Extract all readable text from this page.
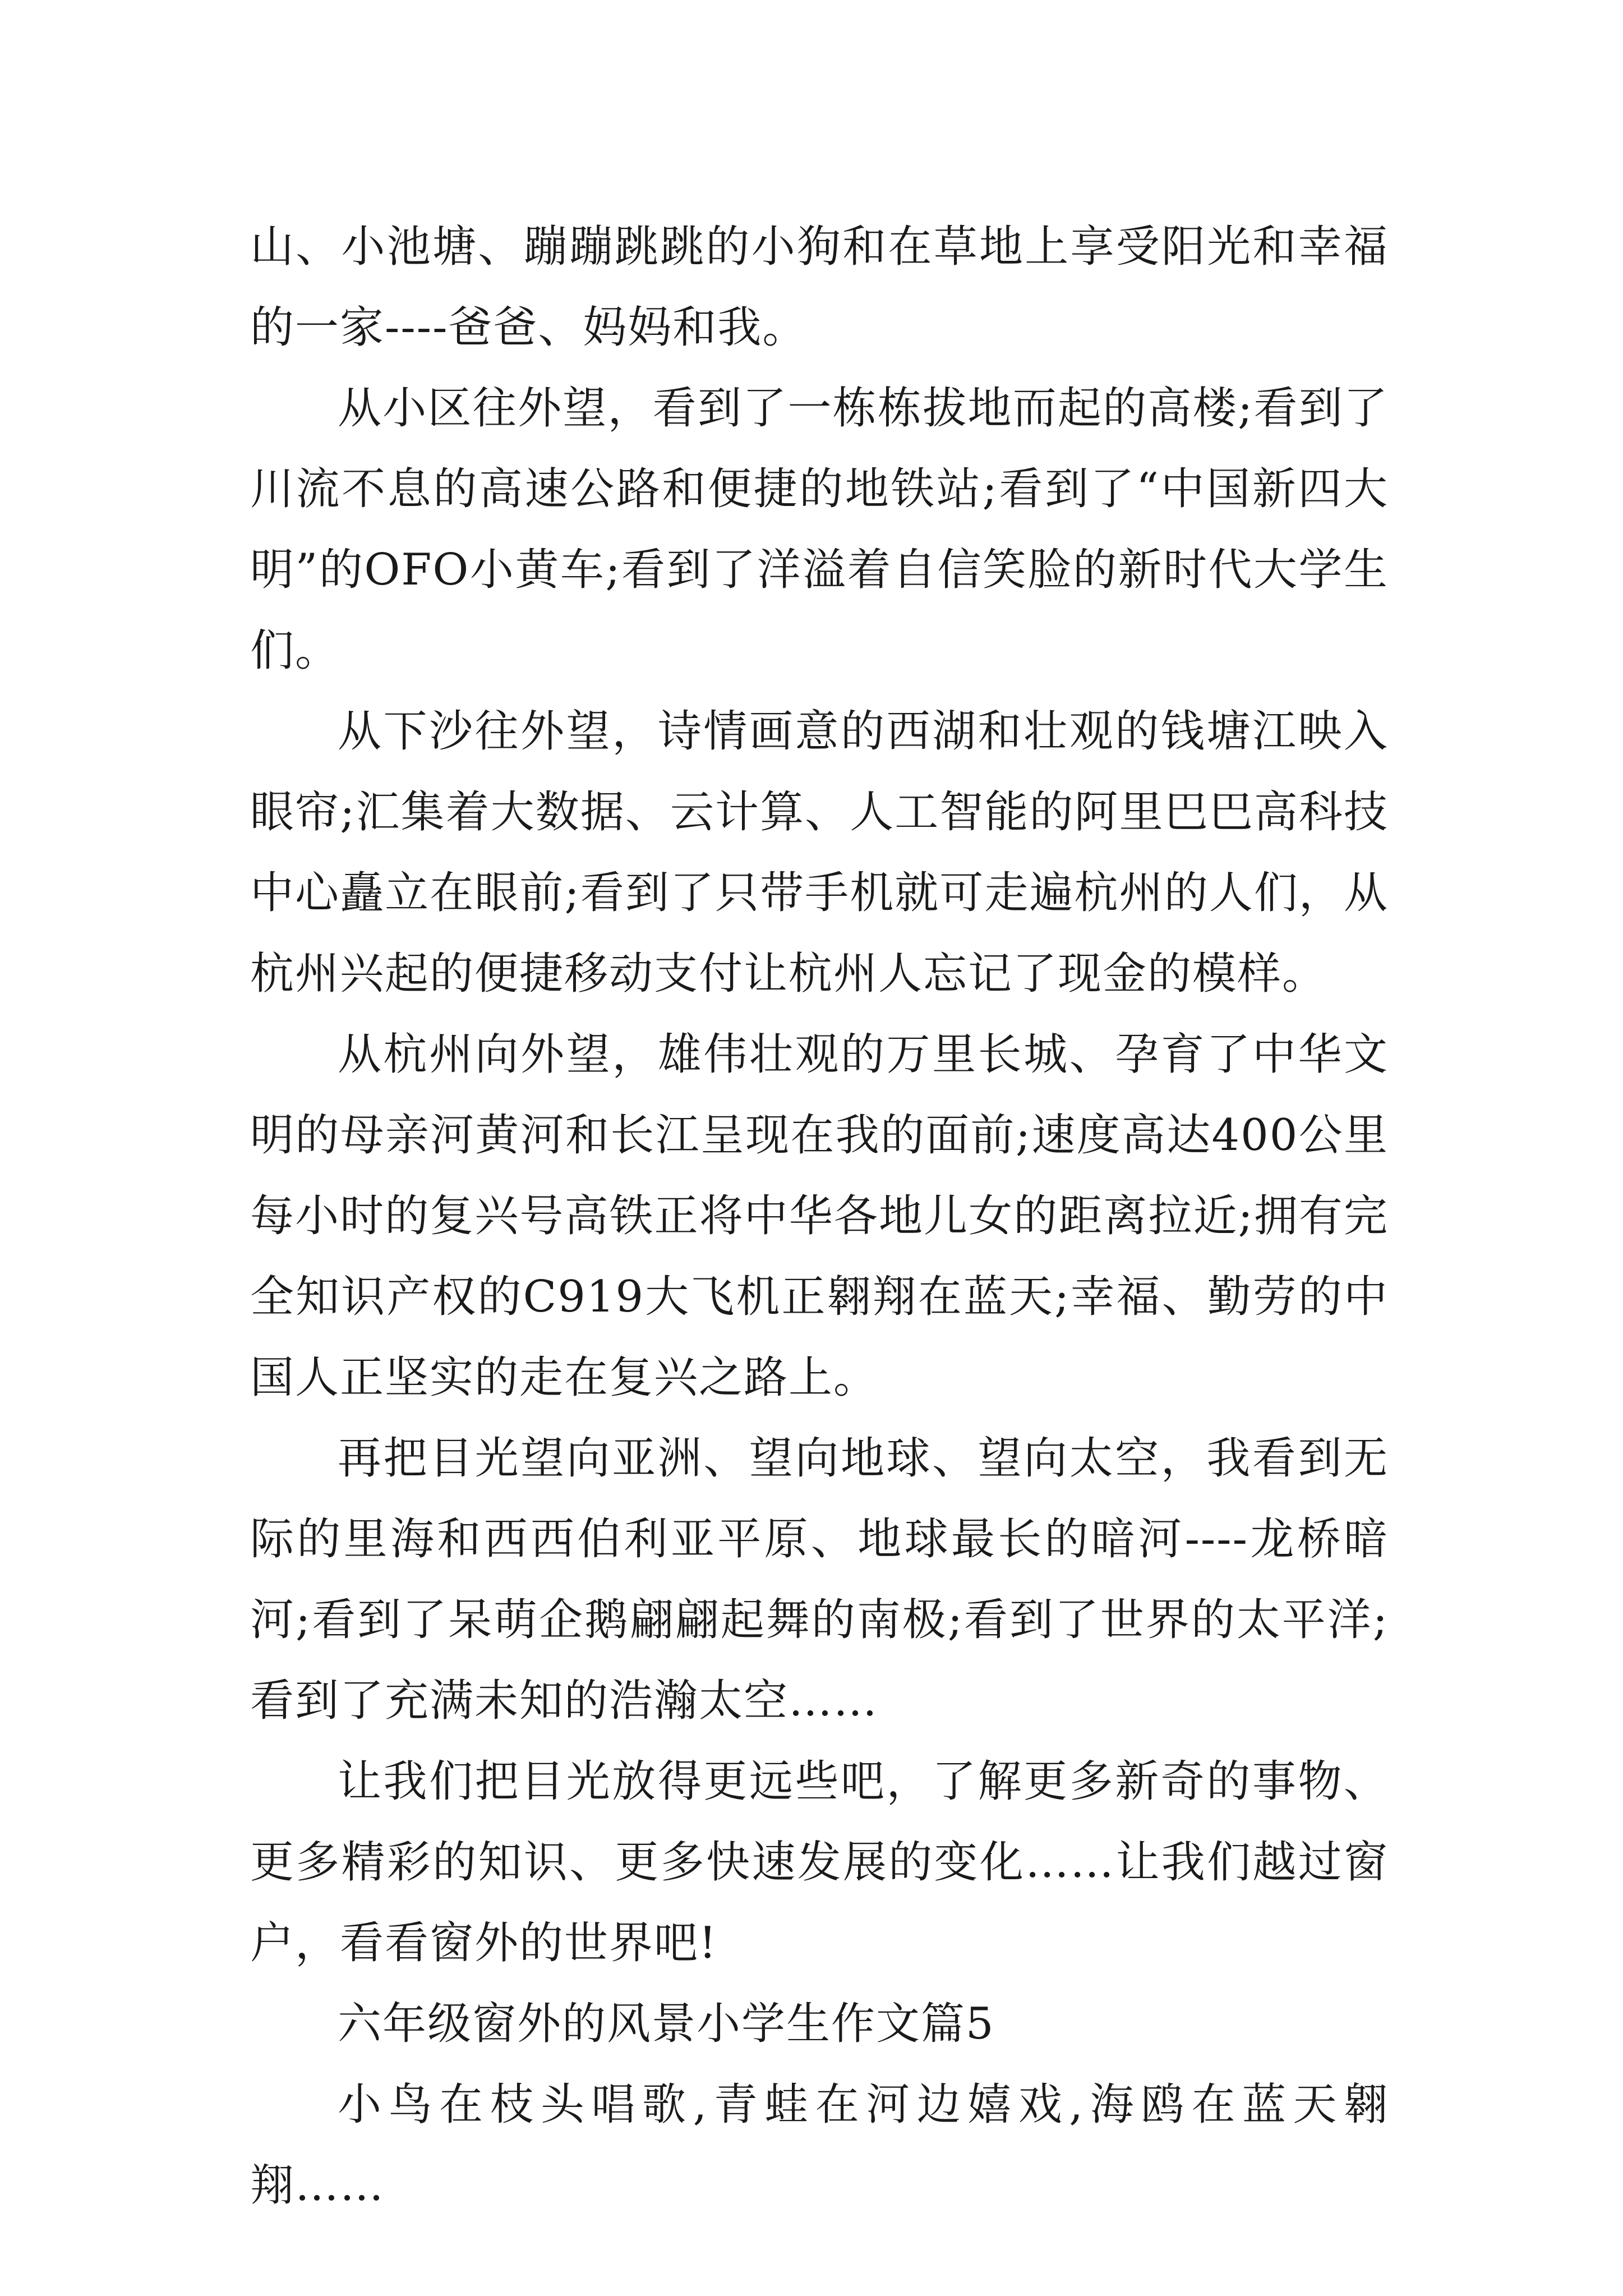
山、小池塘、蹦蹦跳跳的小狗和在草地上享受阳光和幸福的一家----爸爸、妈妈和我。

从小区往外望，看到了一栋栋拔地而起的高楼;看到了川流不息的高速公路和便捷的地铁站;看到了“中国新四大明”的OFO小黄车;看到了洋溢着自信笑脸的新时代大学生们。

从下沙往外望，诗情画意的西湖和壮观的钱塘江映入眼帘;汇集着大数据、云计算、人工智能的阿里巴巴高科技中心矗立在眼前;看到了只带手机就可走遍杭州的人们，从杭州兴起的便捷移动支付让杭州人忘记了现金的模样。

从杭州向外望，雄伟壮观的万里长城、孕育了中华文明的母亲河黄河和长江呈现在我的面前;速度高达400公里每小时的复兴号高铁正将中华各地儿女的距离拉近;拥有完全知识产权的C919大飞机正翱翔在蓝天;幸福、勤劳的中国人正坚实的走在复兴之路上。

再把目光望向亚洲、望向地球、望向太空，我看到无际的里海和西西伯利亚平原、地球最长的暗河----龙桥暗河;看到了呆萌企鹅翩翩起舞的南极;看到了世界的太平洋;看到了充满未知的浩瀚太空……

让我们把目光放得更远些吧，了解更多新奇的事物、更多精彩的知识、更多快速发展的变化……让我们越过窗户，看看窗外的世界吧!

六年级窗外的风景小学生作文篇5

小鸟在枝头唱歌,青蛙在河边嬉戏,海鸥在蓝天翱翔……
